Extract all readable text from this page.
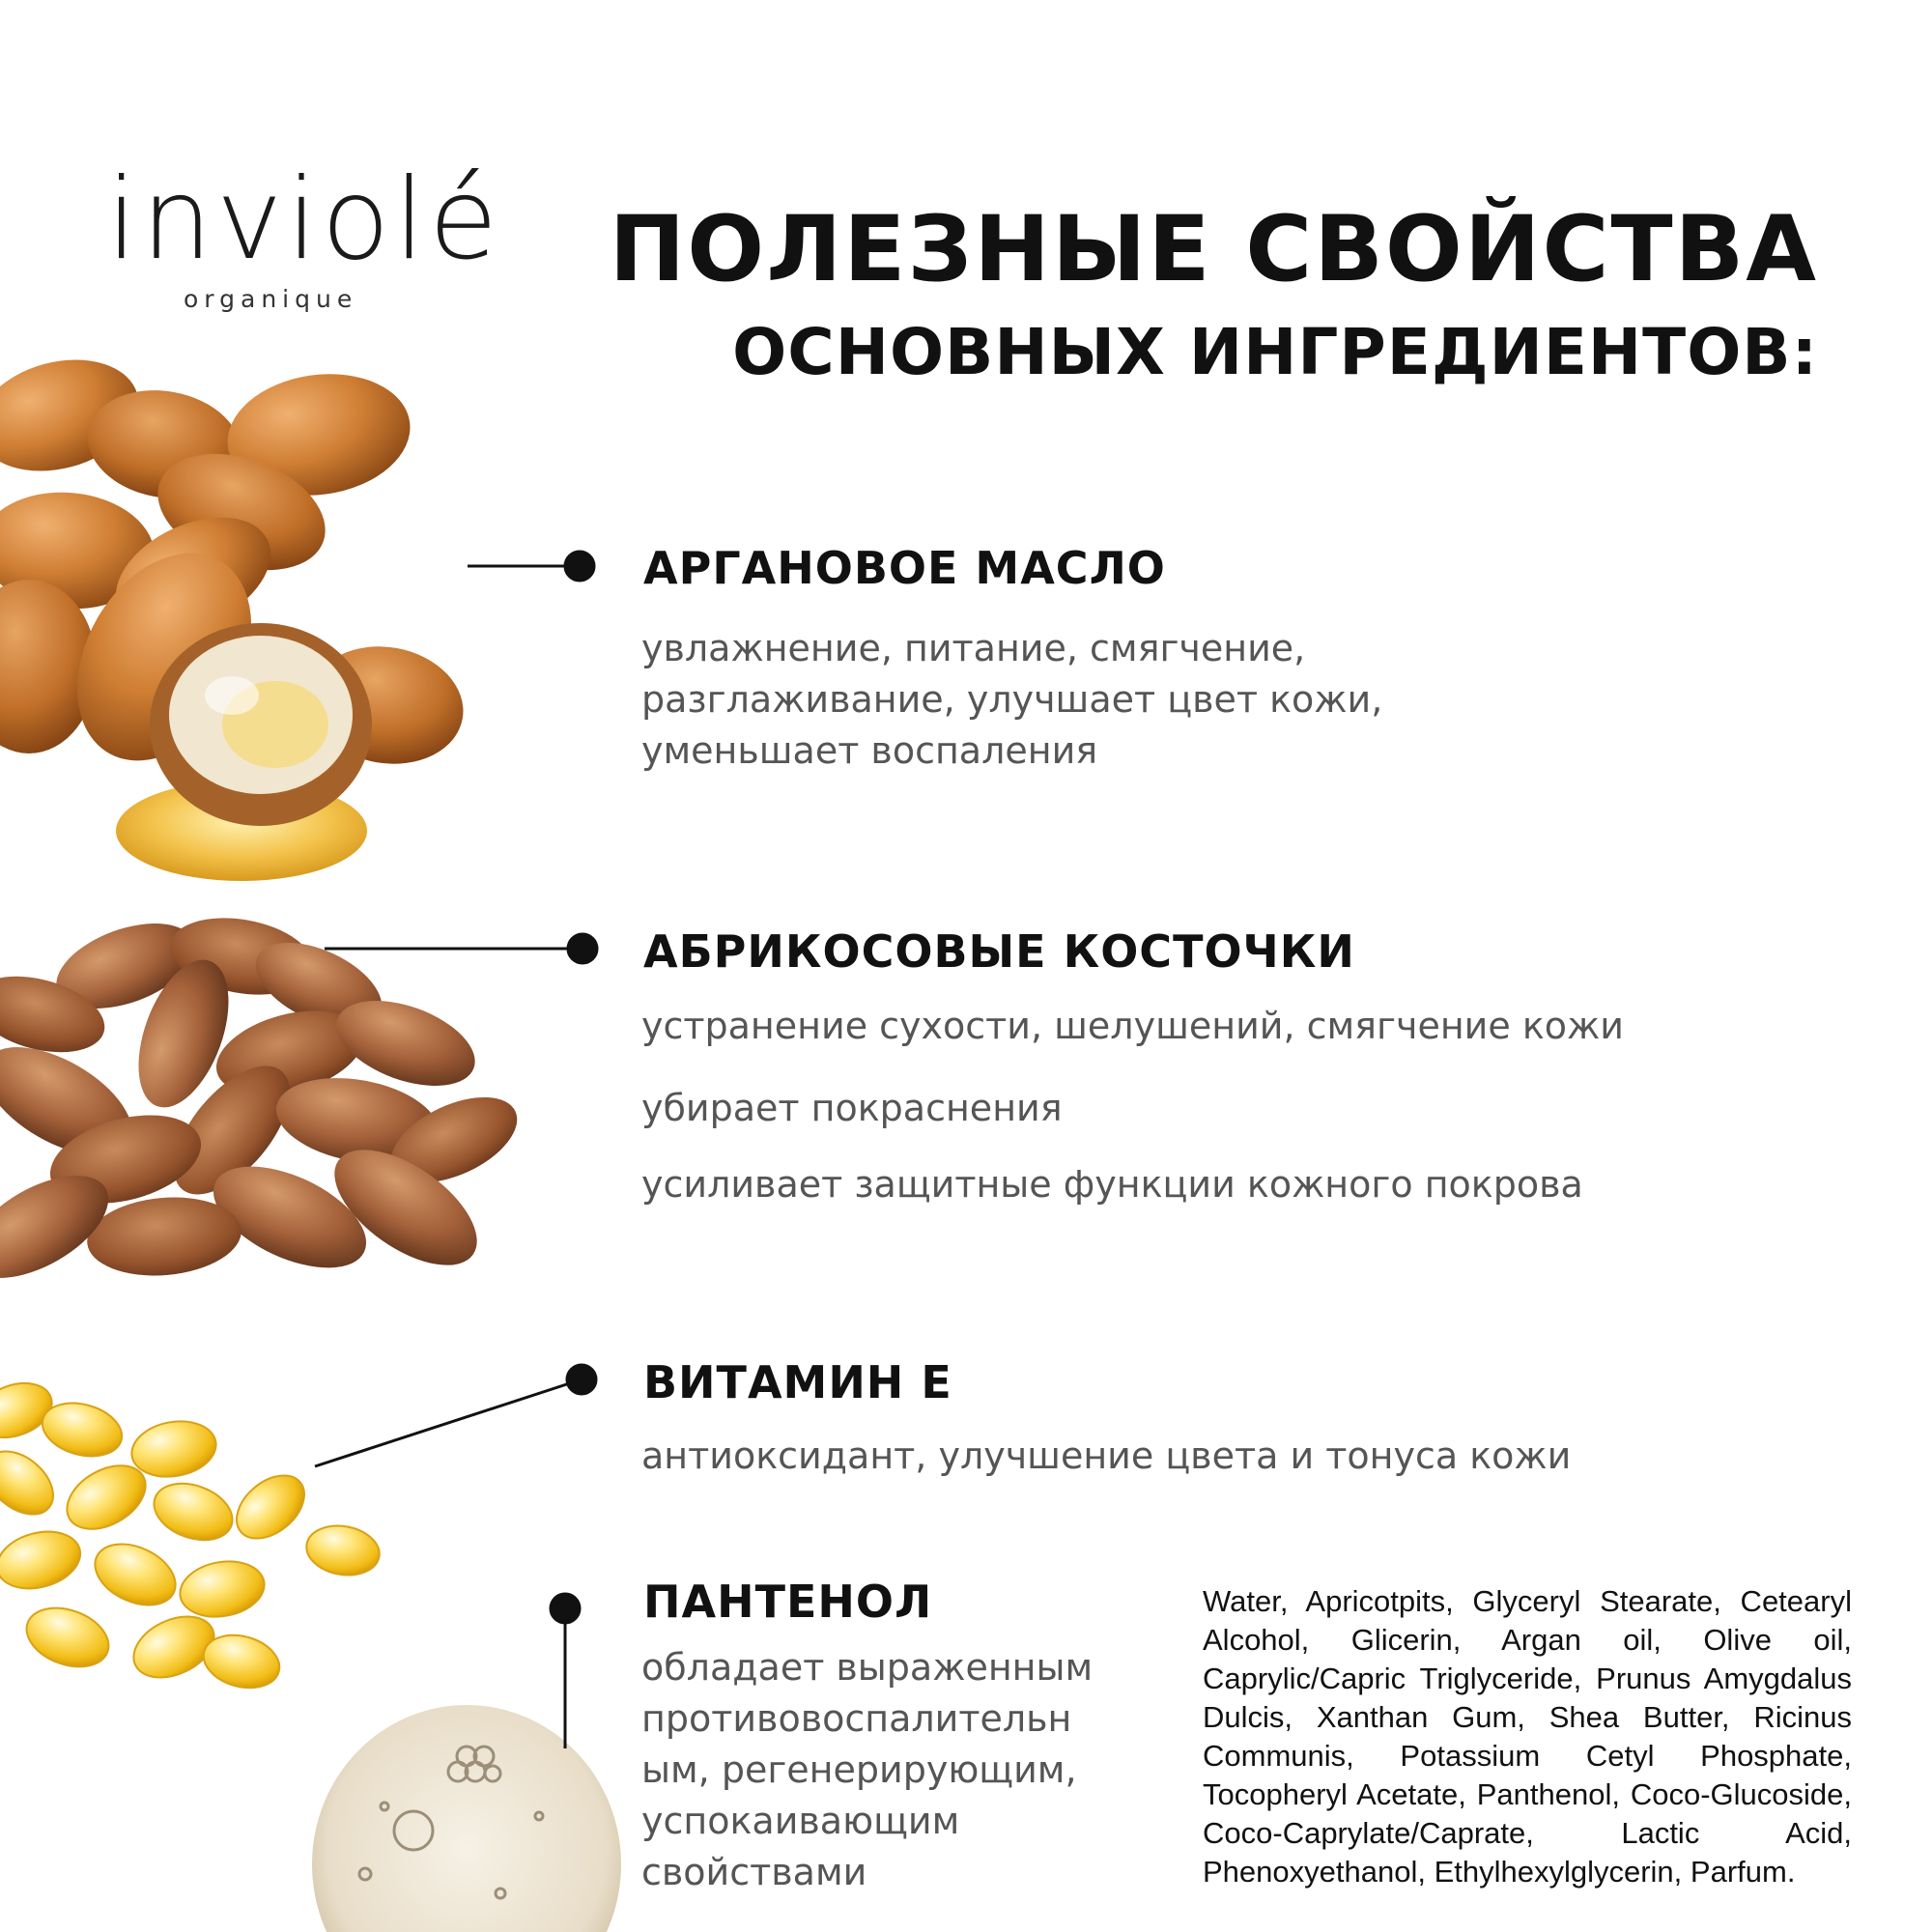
inviolé
organique	ПОЛЕЗНЫЕ СВОЙСТВА
ОСНОВНЫХ ИНГРЕДИЕНТОВ:
АРГАНОВОЕ МАСЛО
увлажнение, питание, смягчение,
разглаживание, улучшает цвет кожи,
уменьшает воспаления
АБРИКОСОВЫЕ КОСТОЧКИ
устранение сухости, шелушений, смягчение кожи
убирает покраснения
усиливает защитные функции кожного покрова
ВИТАМИН Е
антиоксидант, улучшение цвета и тонуса кожи
ПАНТЕНОЛ
обладает выраженным
противовоспалительн
ым, регенерирующим,
успокаивающим
свойствами
Water, Apricotpits, Glyceryl Stearate, Cetearyl Alcohol, Glicerin, Argan oil, Olive oil, Caprylic/Capric Triglyceride, Prunus Amygdalus Dulcis, Xanthan Gum, Shea Butter, Ricinus Communis, Potassium Cetyl Phosphate, Tocopheryl Acetate, Panthenol, Coco-Glucoside, Coco-Caprylate/Caprate, Lactic Acid, Phenoxyethanol, Ethylhexylglycerin, Parfum.
